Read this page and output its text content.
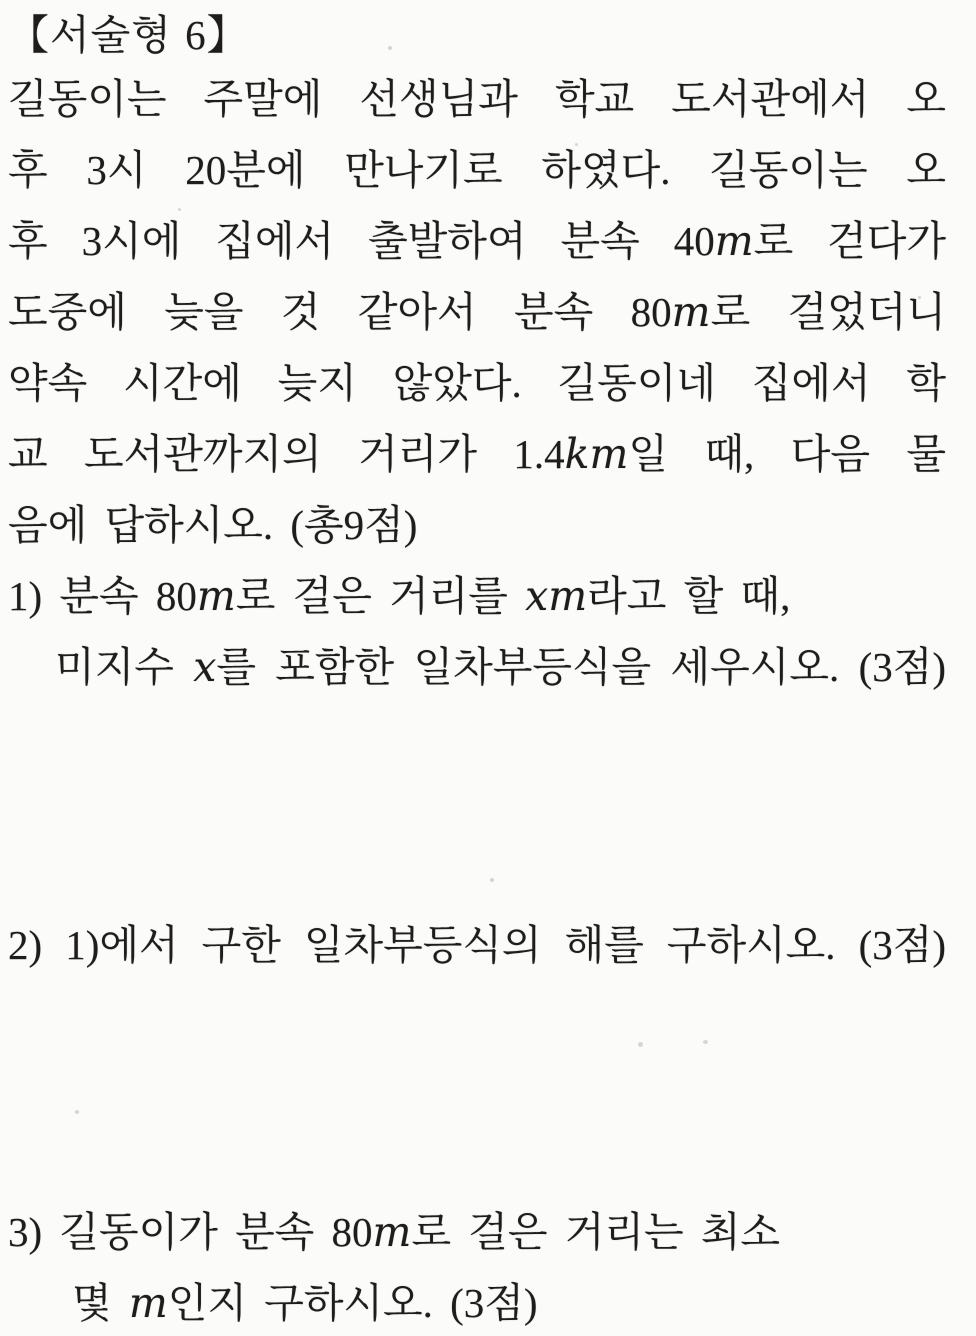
【서술형 6】
길동이는 주말에 선생님과 학교 도서관에서 오
후 3시 20분에 만나기로 하였다. 길동이는 오
후 3시에 집에서 출발하여 분속 40m로 걷다가
도중에 늦을 것 같아서 분속 80m로 걸었더니
약속 시간에 늦지 않았다. 길동이네 집에서 학
교 도서관까지의 거리가 1.4km일 때, 다음 물
음에 답하시오. (총9점)
1) 분속 80m로 걸은 거리를 xm라고 할 때,
미지수 x를 포함한 일차부등식을 세우시오. (3점)
2) 1)에서 구한 일차부등식의 해를 구하시오. (3점)
3) 길동이가 분속 80m로 걸은 거리는 최소
몇 m인지 구하시오. (3점)
